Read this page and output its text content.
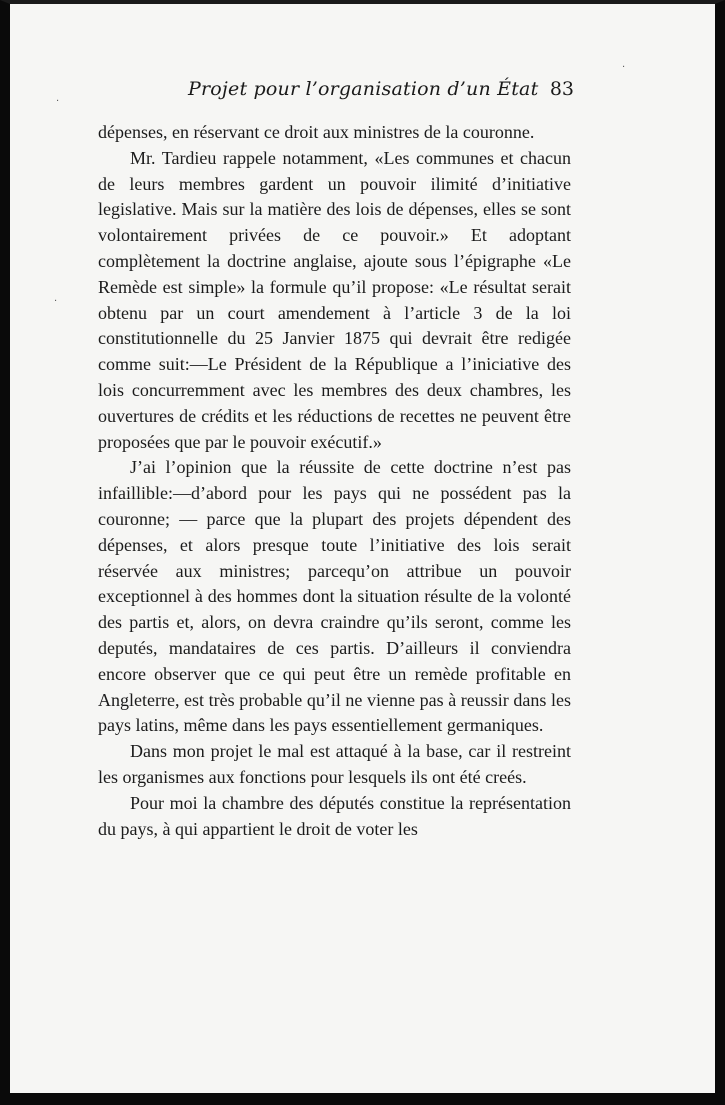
Projet pour l’organisation d’un État 83

dépenses, en réservant ce droit aux ministres de la couronne.

Mr. Tardieu rappele notamment, «Les communes et chacun de leurs membres gardent un pouvoir ilimité d’initiative legislative. Mais sur la matière des lois de dépenses, elles se sont volontairement privées de ce pouvoir.» Et adoptant complètement la doctrine anglaise, ajoute sous l’épigraphe «Le Remède est simple» la formule qu’il propose: «Le résultat serait obtenu par un court amendement à l’article 3 de la loi constitutionnelle du 25 Janvier 1875 qui devrait être redigée comme suit:—Le Président de la République a l’iniciative des lois concurremment avec les membres des deux chambres, les ouvertures de crédits et les réductions de recettes ne peuvent être proposées que par le pouvoir exécutif.»

J’ai l’opinion que la réussite de cette doctrine n’est pas infaillible:—d’abord pour les pays qui ne possédent pas la couronne; — parce que la plupart des projets dépendent des dépenses, et alors presque toute l’initiative des lois serait réservée aux ministres; parcequ’on attribue un pouvoir exceptionnel à des hommes dont la situation résulte de la volonté des partis et, alors, on devra craindre qu’ils seront, comme les deputés, mandataires de ces partis. D’ailleurs il conviendra encore observer que ce qui peut être un remède profitable en Angleterre, est très probable qu’il ne vienne pas à reussir dans les pays latins, même dans les pays essentiellement germaniques.

Dans mon projet le mal est attaqué à la base, car il restreint les organismes aux fonctions pour lesquels ils ont été creés.

Pour moi la chambre des députés constitue la représentation du pays, à qui appartient le droit de voter les

·
·
·
